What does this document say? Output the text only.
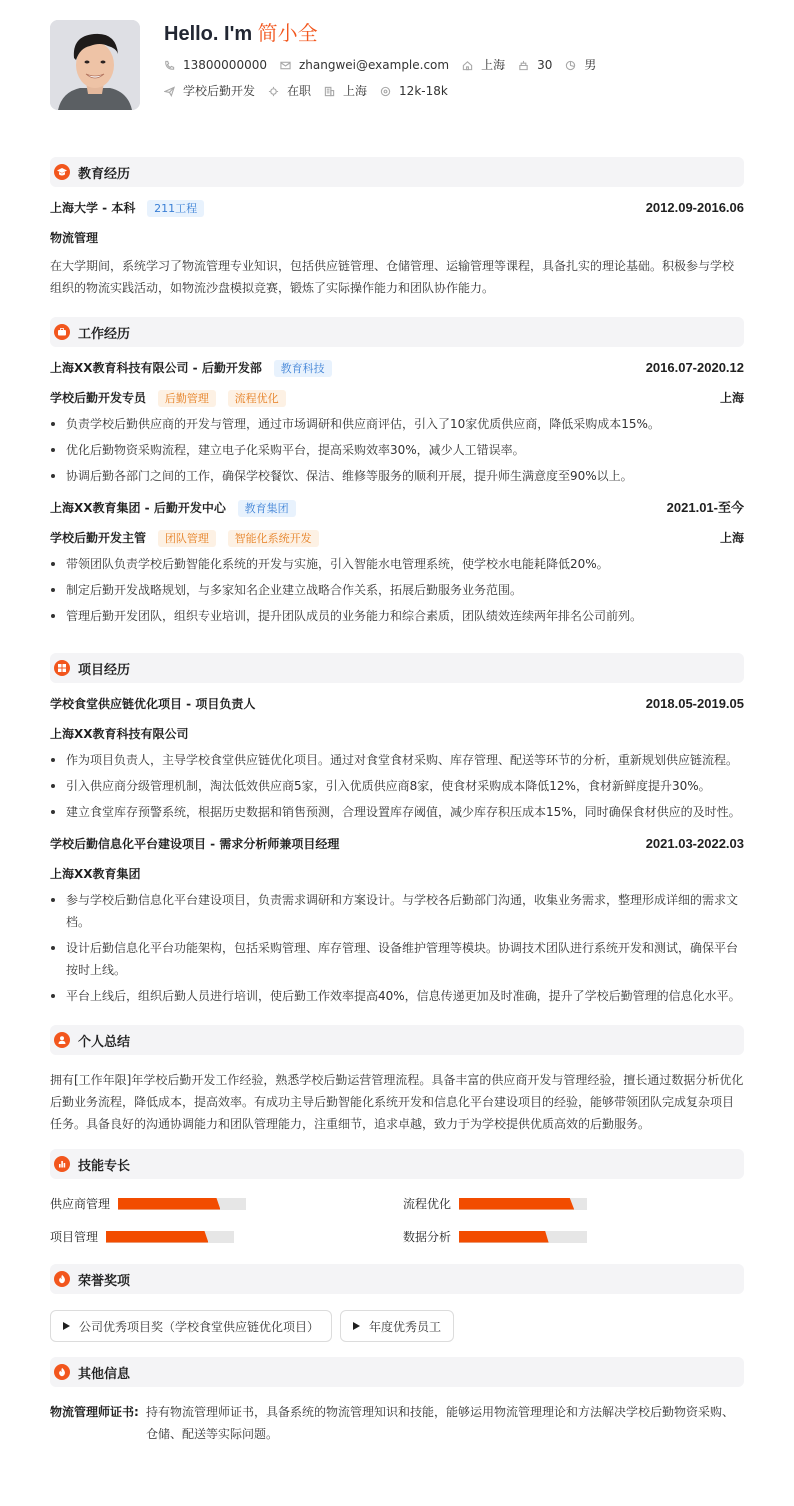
Hello. I'm 简小全
13800000000	zhangwei@example.com	上海	30	男
学校后勤开发	在职	上海	12k-18k
教育经历
上海大学 - 本科 211工程	2012.09-2016.06
物流管理
在大学期间，系统学习了物流管理专业知识，包括供应链管理、仓储管理、运输管理等课程，具备扎实的理论基础。积极参与学校组织的物流实践活动，如物流沙盘模拟竞赛，锻炼了实际操作能力和团队协作能力。
工作经历
上海XX教育科技有限公司 - 后勤开发部 教育科技	2016.07-2020.12
学校后勤开发专员 后勤管理 流程优化	上海
负责学校后勤供应商的开发与管理，通过市场调研和供应商评估，引入了10家优质供应商，降低采购成本15%。
优化后勤物资采购流程，建立电子化采购平台，提高采购效率30%，减少人工错误率。
协调后勤各部门之间的工作，确保学校餐饮、保洁、维修等服务的顺利开展，提升师生满意度至90%以上。
上海XX教育集团 - 后勤开发中心 教育集团	2021.01-至今
学校后勤开发主管 团队管理 智能化系统开发	上海
带领团队负责学校后勤智能化系统的开发与实施，引入智能水电管理系统，使学校水电能耗降低20%。
制定后勤开发战略规划，与多家知名企业建立战略合作关系，拓展后勤服务业务范围。
管理后勤开发团队，组织专业培训，提升团队成员的业务能力和综合素质，团队绩效连续两年排名公司前列。
项目经历
学校食堂供应链优化项目 - 项目负责人	2018.05-2019.05
上海XX教育科技有限公司
作为项目负责人，主导学校食堂供应链优化项目。通过对食堂食材采购、库存管理、配送等环节的分析，重新规划供应链流程。
引入供应商分级管理机制，淘汰低效供应商5家，引入优质供应商8家，使食材采购成本降低12%，食材新鲜度提升30%。
建立食堂库存预警系统，根据历史数据和销售预测，合理设置库存阈值，减少库存积压成本15%，同时确保食材供应的及时性。
学校后勤信息化平台建设项目 - 需求分析师兼项目经理	2021.03-2022.03
上海XX教育集团
参与学校后勤信息化平台建设项目，负责需求调研和方案设计。与学校各后勤部门沟通，收集业务需求，整理形成详细的需求文档。
设计后勤信息化平台功能架构，包括采购管理、库存管理、设备维护管理等模块。协调技术团队进行系统开发和测试，确保平台按时上线。
平台上线后，组织后勤人员进行培训，使后勤工作效率提高40%，信息传递更加及时准确，提升了学校后勤管理的信息化水平。
个人总结
拥有[工作年限]年学校后勤开发工作经验，熟悉学校后勤运营管理流程。具备丰富的供应商开发与管理经验，擅长通过数据分析优化后勤业务流程，降低成本，提高效率。有成功主导后勤智能化系统开发和信息化平台建设项目的经验，能够带领团队完成复杂项目任务。具备良好的沟通协调能力和团队管理能力，注重细节，追求卓越，致力于为学校提供优质高效的后勤服务。
技能专长
供应商管理	流程优化
项目管理	数据分析
荣誉奖项
公司优秀项目奖（学校食堂供应链优化项目）	年度优秀员工
其他信息
物流管理师证书: 持有物流管理师证书，具备系统的物流管理知识和技能，能够运用物流管理理论和方法解决学校后勤物资采购、仓储、配送等实际问题。
